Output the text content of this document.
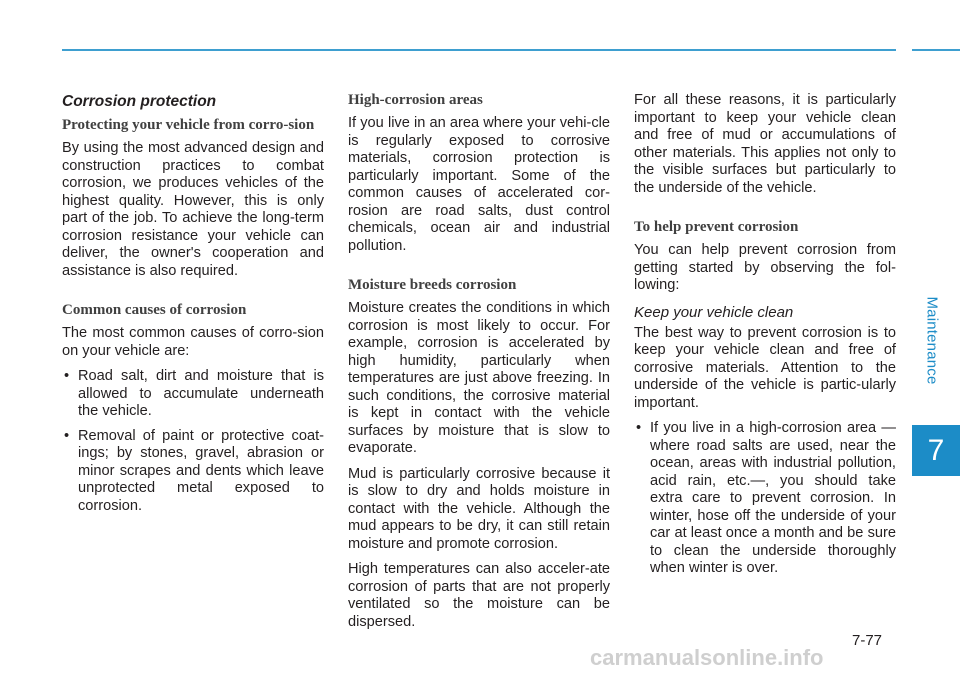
Maintenance
7
Corrosion protection
Protecting your vehicle from corro-sion

By using the most advanced design and construction practices to combat corrosion, we produces vehicles of the highest quality. However, this is only part of the job. To achieve the long-term corrosion resistance your vehicle can deliver, the owner's cooperation and assistance is also required.

Common causes of corrosion

The most common causes of corro-sion on your vehicle are:

• Road salt, dirt and moisture that is allowed to accumulate underneath the vehicle.
• Removal of paint or protective coat-ings; by stones, gravel, abrasion or minor scrapes and dents which leave unprotected metal exposed to corrosion.
High-corrosion areas

If you live in an area where your vehi-cle is regularly exposed to corrosive materials, corrosion protection is particularly important. Some of the common causes of accelerated cor-rosion are road salts, dust control chemicals, ocean air and industrial pollution.

Moisture breeds corrosion

Moisture creates the conditions in which corrosion is most likely to occur. For example, corrosion is accelerated by high humidity, particularly when temperatures are just above freezing. In such conditions, the corrosive material is kept in contact with the vehicle surfaces by moisture that is slow to evaporate.

Mud is particularly corrosive because it is slow to dry and holds moisture in contact with the vehicle. Although the mud appears to be dry, it can still retain moisture and promote corrosion.

High temperatures can also acceler-ate corrosion of parts that are not properly ventilated so the moisture can be dispersed.

For all these reasons, it is particularly important to keep your vehicle clean and free of mud or accumulations of other materials. This applies not only to the visible surfaces but particularly to the underside of the vehicle.

To help prevent corrosion

You can help prevent corrosion from getting started by observing the fol-lowing:

Keep your vehicle clean

The best way to prevent corrosion is to keep your vehicle clean and free of corrosive materials. Attention to the underside of the vehicle is partic-ularly important.

• If you live in a high-corrosion area — where road salts are used, near the ocean, areas with industrial pollution, acid rain, etc.—, you should take extra care to prevent corrosion. In winter, hose off the underside of your car at least once a month and be sure to clean the underside thoroughly when winter is over.
7-77
carmanualsonline.info
